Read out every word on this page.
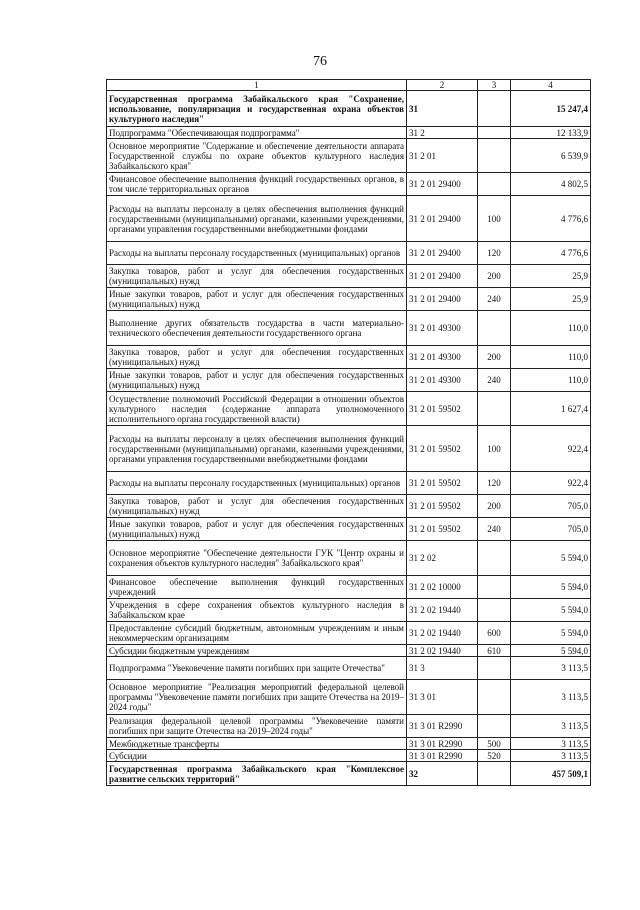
76
1	2	3	4
Государственная программа Забайкальского края "Сохранение, использование, популяризация и государственная охрана объектов культурного наследия"	31		15 247,4
Подпрограмма "Обеспечивающая подпрограмма"	31 2		12 133,9
Основное мероприятие "Содержание и обеспечение деятельности аппарата Государственной службы по охране объектов культурного наследия Забайкальского края"	31 2 01		6 539,9
Финансовое обеспечение выполнения функций государственных органов, в том числе территориальных органов	31 2 01 29400		4 802,5
Расходы на выплаты персоналу в целях обеспечения выполнения функций государственными (муниципальными) органами, казенными учреждениями, органами управления государственными внебюджетными фондами	31 2 01 29400	100	4 776,6
Расходы на выплаты персоналу государственных (муниципальных) органов	31 2 01 29400	120	4 776,6
Закупка товаров, работ и услуг для обеспечения государственных (муниципальных) нужд	31 2 01 29400	200	25,9
Иные закупки товаров, работ и услуг для обеспечения государственных (муниципальных) нужд	31 2 01 29400	240	25,9
Выполнение других обязательств государства в части материально-технического обеспечения деятельности государственного органа	31 2 01 49300		110,0
Закупка товаров, работ и услуг для обеспечения государственных (муниципальных) нужд	31 2 01 49300	200	110,0
Иные закупки товаров, работ и услуг для обеспечения государственных (муниципальных) нужд	31 2 01 49300	240	110,0
Осуществление полномочий Российской Федерации в отношении объектов культурного наследия (содержание аппарата уполномоченного исполнительного органа государственной власти)	31 2 01 59502		1 627,4
Расходы на выплаты персоналу в целях обеспечения выполнения функций государственными (муниципальными) органами, казенными учреждениями, органами управления государственными внебюджетными фондами	31 2 01 59502	100	922,4
Расходы на выплаты персоналу государственных (муниципальных) органов	31 2 01 59502	120	922,4
Закупка товаров, работ и услуг для обеспечения государственных (муниципальных) нужд	31 2 01 59502	200	705,0
Иные закупки товаров, работ и услуг для обеспечения государственных (муниципальных) нужд	31 2 01 59502	240	705,0
Основное мероприятие "Обеспечение деятельности ГУК "Центр охраны и сохранения объектов культурного наследия" Забайкальского края"	31 2 02		5 594,0
Финансовое обеспечение выполнения функций государственных учреждений	31 2 02 10000		5 594,0
Учреждения в сфере сохранения объектов культурного наследия в Забайкальском крае	31 2 02 19440		5 594,0
Предоставление субсидий бюджетным, автономным учреждениям и иным некоммерческим организациям	31 2 02 19440	600	5 594,0
Субсидии бюджетным учреждениям	31 2 02 19440	610	5 594,0
Подпрограмма "Увековечение памяти погибших при защите Отечества"	31 3		3 113,5
Основное мероприятие "Реализация мероприятий федеральной целевой программы "Увековечение памяти погибших при защите Отечества на 2019–2024 годы"	31 3 01		3 113,5
Реализация федеральной целевой программы "Увековечение памяти погибших при защите Отечества на 2019–2024 годы"	31 3 01 R2990		3 113,5
Межбюджетные трансферты	31 3 01 R2990	500	3 113,5
Субсидии	31 3 01 R2990	520	3 113,5
Государственная программа Забайкальского края "Комплексное развитие сельских территорий"	32		457 509,1
